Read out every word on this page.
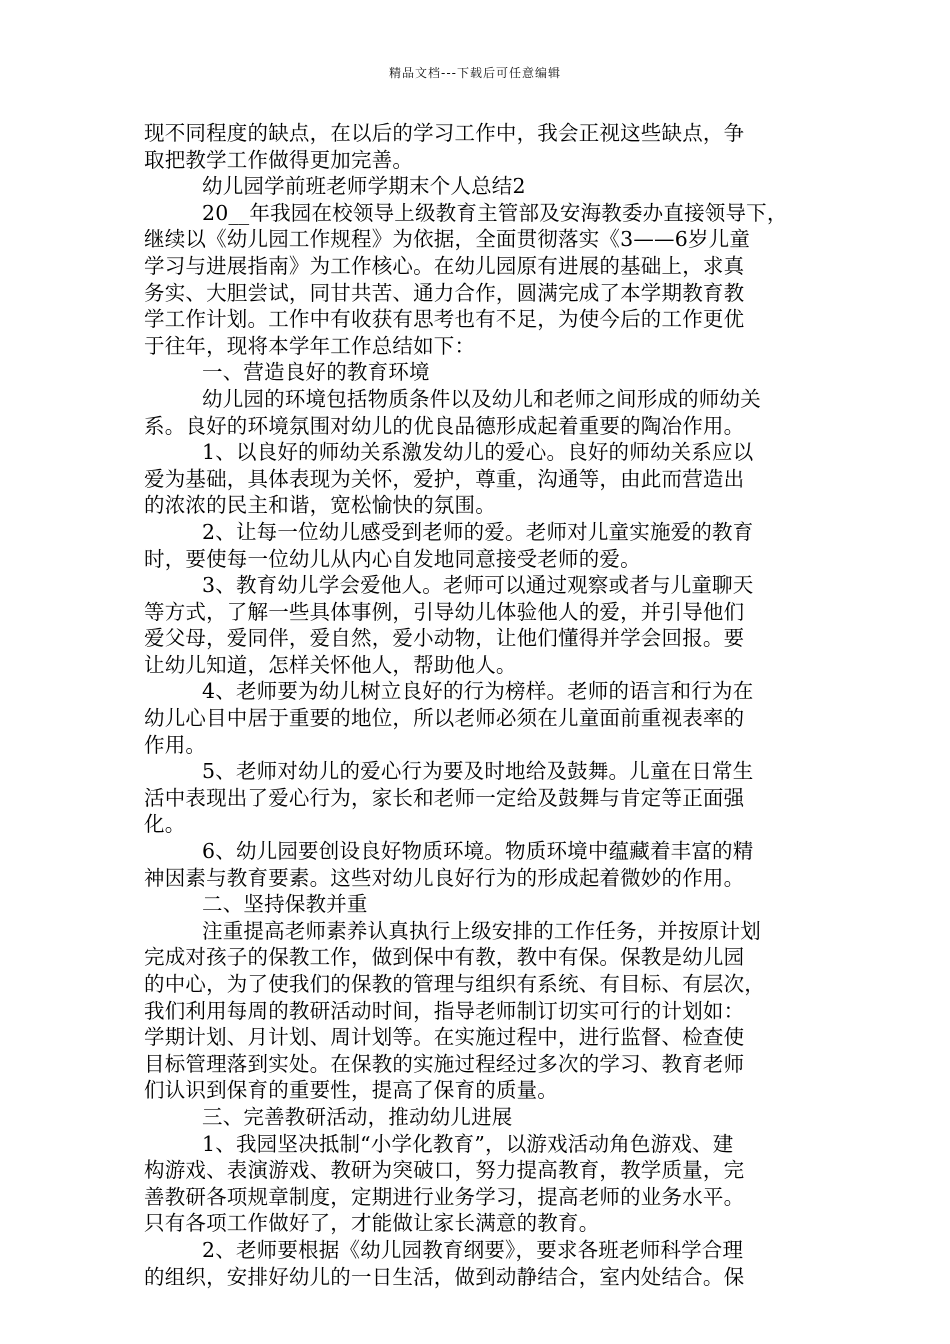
精品文档---下载后可任意编辑

现不同程度的缺点，在以后的学习工作中，我会正视这些缺点，争

取把教学工作做得更加完善。

幼儿园学前班老师学期末个人总结2

20__年我园在校领导上级教育主管部及安海教委办直接领导下，

继续以《幼儿园工作规程》为依据，全面贯彻落实《3——6岁儿童

学习与进展指南》为工作核心。在幼儿园原有进展的基础上，求真

务实、大胆尝试，同甘共苦、通力合作，圆满完成了本学期教育教

学工作计划。工作中有收获有思考也有不足，为使今后的工作更优

于往年，现将本学年工作总结如下：

一、营造良好的教育环境

幼儿园的环境包括物质条件以及幼儿和老师之间形成的师幼关

系。良好的环境氛围对幼儿的优良品德形成起着重要的陶冶作用。

1、以良好的师幼关系激发幼儿的爱心。良好的师幼关系应以

爱为基础，具体表现为关怀，爱护，尊重，沟通等，由此而营造出

的浓浓的民主和谐，宽松愉快的氛围。

2、让每一位幼儿感受到老师的爱。老师对儿童实施爱的教育

时，要使每一位幼儿从内心自发地同意接受老师的爱。

3、教育幼儿学会爱他人。老师可以通过观察或者与儿童聊天

等方式，了解一些具体事例，引导幼儿体验他人的爱，并引导他们

爱父母，爱同伴，爱自然，爱小动物，让他们懂得并学会回报。要

让幼儿知道，怎样关怀他人，帮助他人。

4、老师要为幼儿树立良好的行为榜样。老师的语言和行为在

幼儿心目中居于重要的地位，所以老师必须在儿童面前重视表率的

作用。

5、老师对幼儿的爱心行为要及时地给及鼓舞。儿童在日常生

活中表现出了爱心行为，家长和老师一定给及鼓舞与肯定等正面强

化。

6、幼儿园要创设良好物质环境。物质环境中蕴藏着丰富的精

神因素与教育要素。这些对幼儿良好行为的形成起着微妙的作用。

二、坚持保教并重

注重提高老师素养认真执行上级安排的工作任务，并按原计划

完成对孩子的保教工作，做到保中有教，教中有保。保教是幼儿园

的中心，为了使我们的保教的管理与组织有系统、有目标、有层次，

我们利用每周的教研活动时间，指导老师制订切实可行的计划如：

学期计划、月计划、周计划等。在实施过程中，进行监督、检查使

目标管理落到实处。在保教的实施过程经过多次的学习、教育老师

们认识到保育的重要性，提高了保育的质量。

三、完善教研活动，推动幼儿进展

1、我园坚决抵制“小学化教育”，以游戏活动角色游戏、建

构游戏、表演游戏、教研为突破口，努力提高教育，教学质量，完

善教研各项规章制度，定期进行业务学习，提高老师的业务水平。

只有各项工作做好了，才能做让家长满意的教育。

2、老师要根据《幼儿园教育纲要》，要求各班老师科学合理

的组织，安排好幼儿的一日生活，做到动静结合，室内处结合。保
